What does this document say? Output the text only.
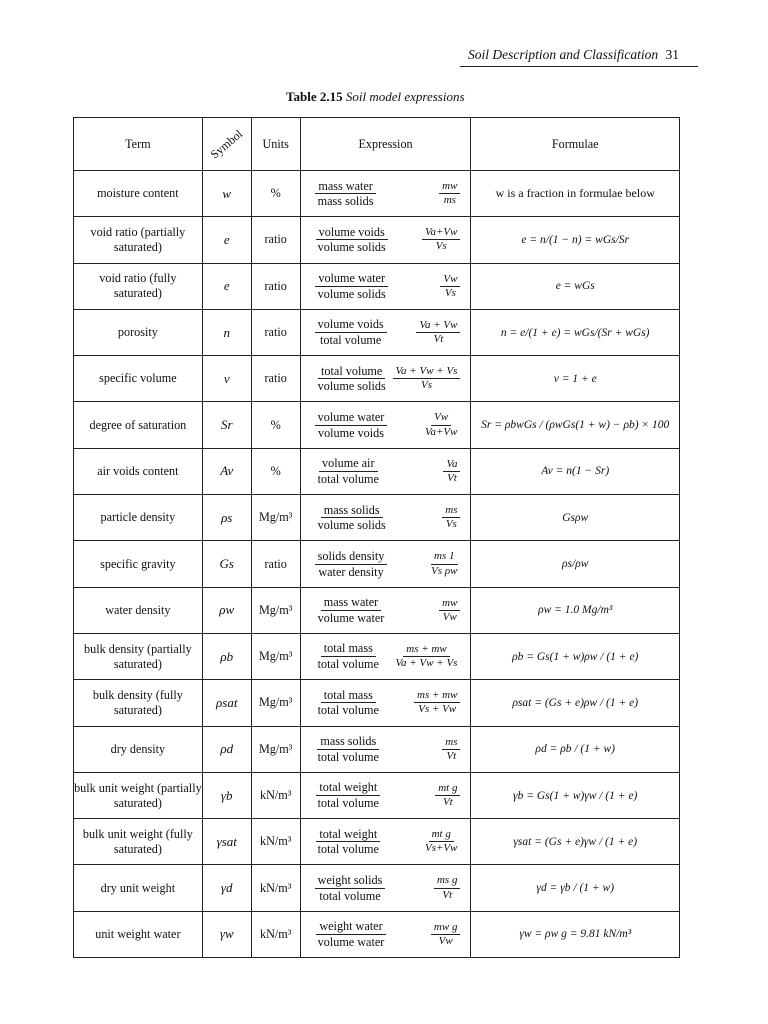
Soil Description and Classification 31
Table 2.15 Soil model expressions
Term	Symbol	Units	Expression	Formulae
moisture content	w	%	$\frac{\text{mass water}}{\text{mass solids}} \frac{mw}{ms}$	w is a fraction in formulae below
void ratio (partially saturated)	e	ratio	$\frac{\text{volume voids}}{\text{volume solids}} \frac{Va+Vw}{Vs}$	e = n/(1 − n) = wGs/Sr
void ratio (fully saturated)	e	ratio	$\frac{\text{volume water}}{\text{volume solids}} \frac{Vw}{Vs}$	e = wGs
porosity	n	ratio	$\frac{\text{volume voids}}{\text{total volume}} \frac{Va + Vw}{Vt}$	n = e/(1 + e) = wGs/(Sr + wGs)
specific volume	v	ratio	$\frac{\text{total volume}}{\text{volume solids}} \frac{Va + Vw + Vs}{Vs}$	v = 1 + e
degree of saturation	Sr	%	$\frac{\text{volume water}}{\text{volume voids}} \frac{Vw}{Va+Vw}$	Sr = ρbwGs / (ρwGs(1 + w) − ρb) × 100
air voids content	Av	%	$\frac{\text{volume air}}{\text{total volume}} \frac{Va}{Vt}$	Av = n(1 − Sr)
particle density	ρs	Mg/m³	$\frac{\text{mass solids}}{\text{volume solids}} \frac{ms}{Vs}$	Gsρw
specific gravity	Gs	ratio	$\frac{\text{solids density}}{\text{water density}} \frac{ms 1}{\text{Vs ρw}}$	ρs/ρw
water density	ρw	Mg/m³	$\frac{\text{mass water}}{\text{volume water}} \frac{mw}{Vw}$	ρw = 1.0 Mg/m³
bulk density (partially saturated)	ρb	Mg/m³	$\frac{\text{total mass}}{\text{total volume}} \frac{ms + mw}{Va + Vw + Vs}$	ρb = Gs(1 + w)ρw / (1 + e)
bulk density (fully saturated)	ρsat	Mg/m³	$\frac{\text{total mass}}{\text{total volume}} \frac{ms + mw}{Vs + Vw}$	ρsat = (Gs + e)ρw / (1 + e)
dry density	ρd	Mg/m³	$\frac{\text{mass solids}}{\text{total volume}} \frac{ms}{Vt}$	ρd = ρb / (1 + w)
bulk unit weight (partially saturated)	γb	kN/m³	$\frac{\text{total weight}}{\text{total volume}} \frac{\text{mt g}}{Vt}$	γb = Gs(1 + w)γw / (1 + e)
bulk unit weight (fully saturated)	γsat	kN/m³	$\frac{\text{total weight}}{\text{total volume}} \frac{\text{mt g}}{Vs+Vw}$	γsat = (Gs + e)γw / (1 + e)
dry unit weight	γd	kN/m³	$\frac{\text{weight solids}}{\text{total volume}} \frac{\text{ms g}}{Vt}$	γd = γb / (1 + w)
unit weight water	γw	kN/m³	$\frac{\text{weight water}}{\text{volume water}} \frac{\text{mw g}}{Vw}$	γw = ρw g = 9.81 kN/m³
